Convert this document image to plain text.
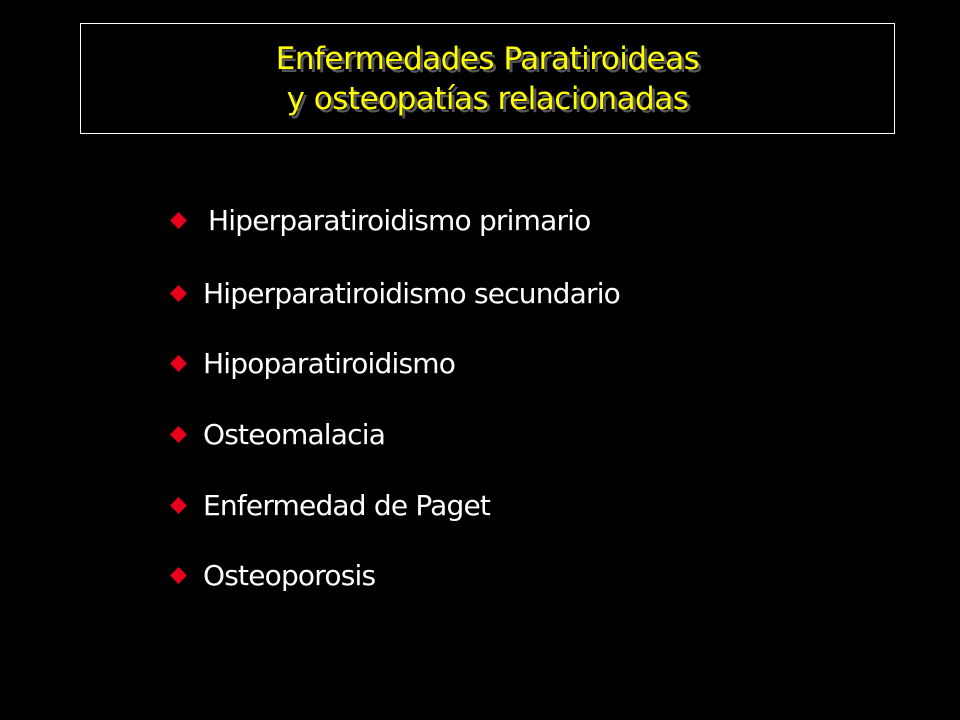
Enfermedades Paratiroideas
y osteopatías relacionadas
Hiperparatiroidismo primario
Hiperparatiroidismo secundario
Hipoparatiroidismo
Osteomalacia
Enfermedad de Paget
Osteoporosis
